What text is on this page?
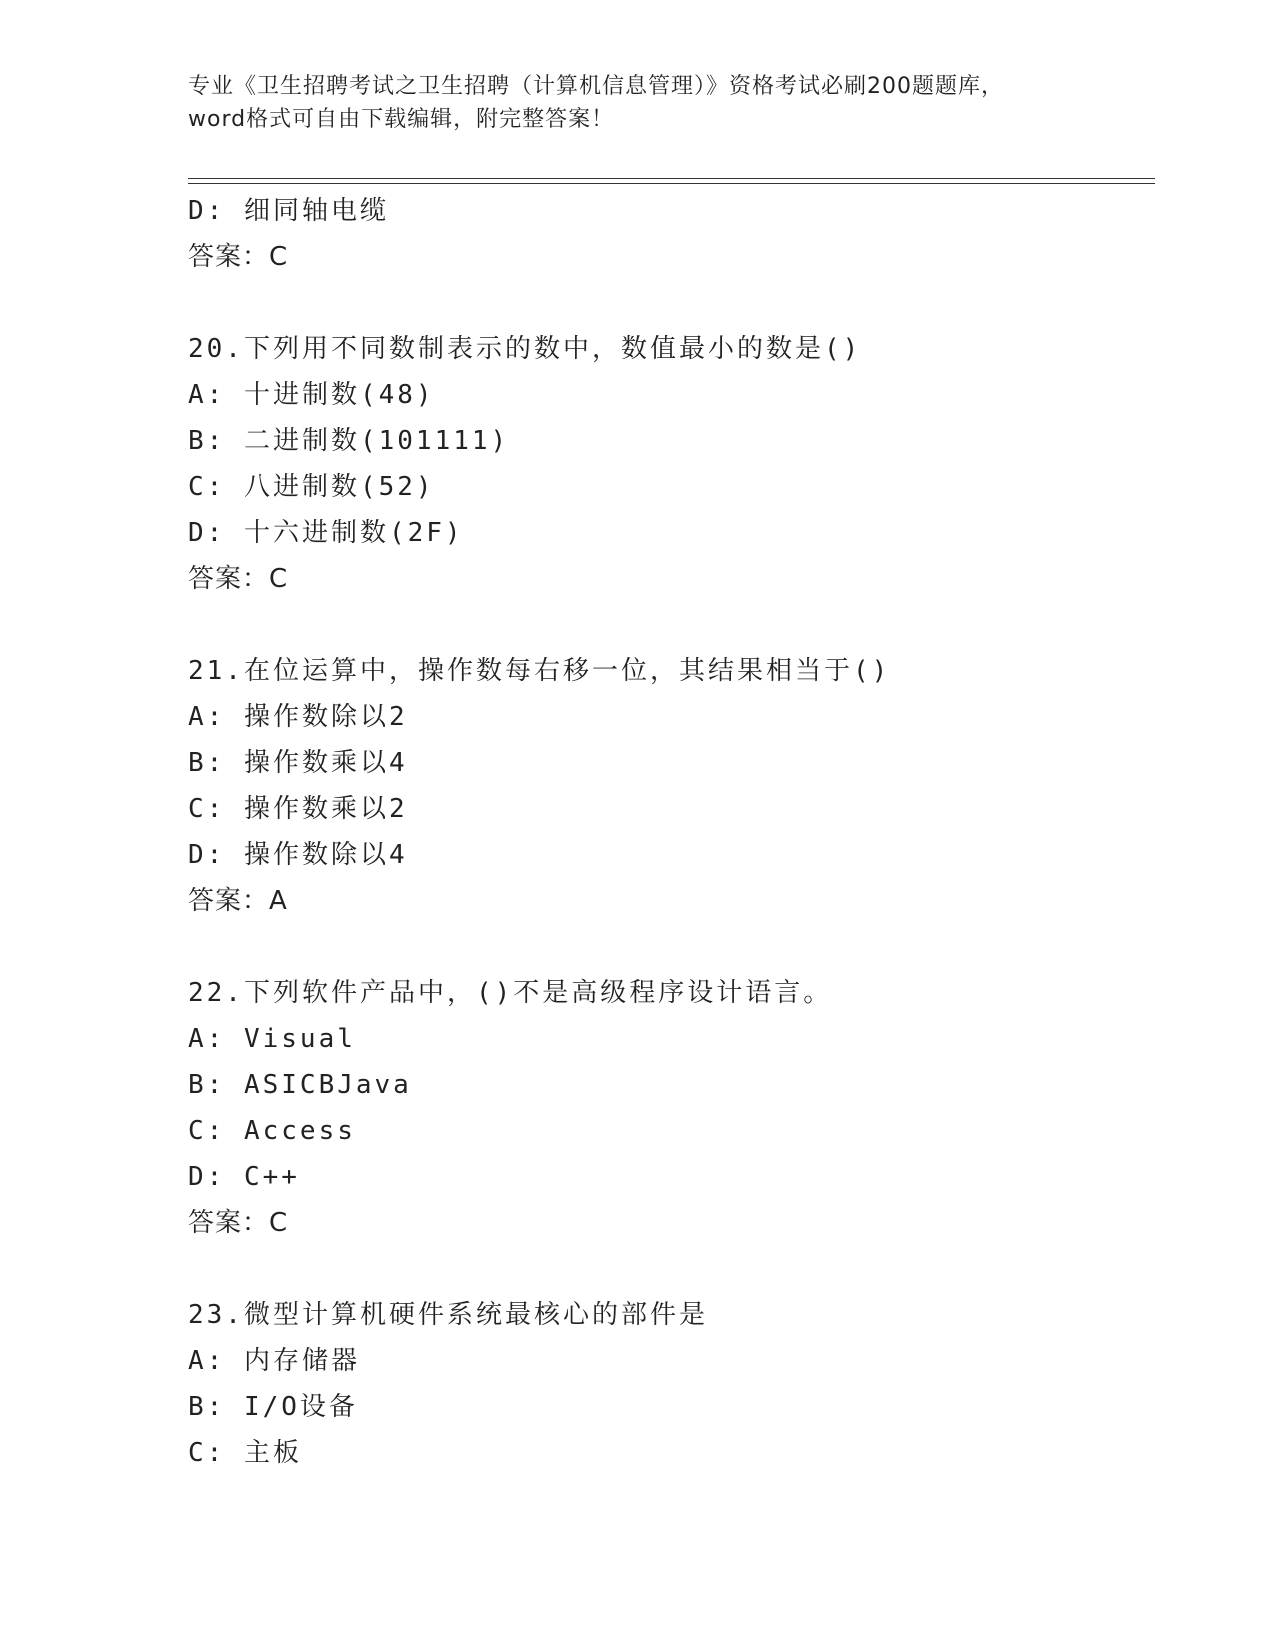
专业《卫生招聘考试之卫生招聘（计算机信息管理）》资格考试必刷200题题库，
word格式可自由下载编辑，附完整答案！
D: 细同轴电缆
答案：C
20.下列用不同数制表示的数中，数值最小的数是()
A: 十进制数(48)
B: 二进制数(101111)
C: 八进制数(52)
D: 十六进制数(2F)
答案：C
21.在位运算中，操作数每右移一位，其结果相当于()
A: 操作数除以2
B: 操作数乘以4
C: 操作数乘以2
D: 操作数除以4
答案：A
22.下列软件产品中，()不是高级程序设计语言。
A: Visual
B: ASICBJava
C: Access
D: C++
答案：C
23.微型计算机硬件系统最核心的部件是
A: 内存储器
B: I/O设备
C: 主板
